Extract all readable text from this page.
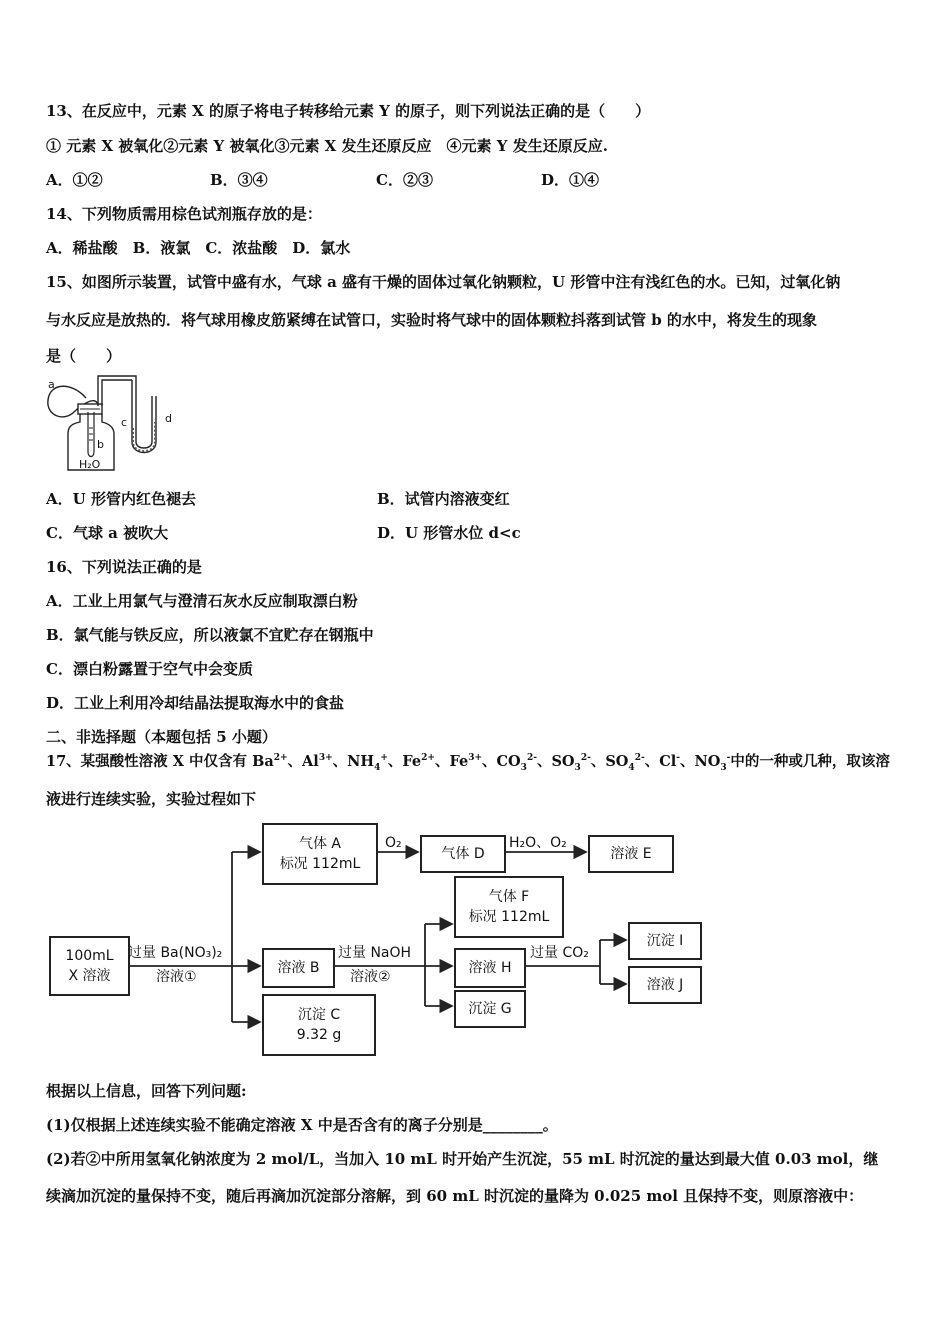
13、在反应中，元素 X 的原子将电子转移给元素 Y 的原子，则下列说法正确的是（　　）
① 元素 X 被氧化②元素 Y 被氧化③元素 X 发生还原反应　④元素 Y 发生还原反应.
A．①②	B．③④	C．②③	D．①④
14、下列物质需用棕色试剂瓶存放的是：
A．稀盐酸　B．液氯　C．浓盐酸　D．氯水
15、如图所示装置，试管中盛有水，气球 a 盛有干燥的固体过氧化钠颗粒，U 形管中注有浅红色的水。已知，过氧化钠
与水反应是放热的．将气球用橡皮筋紧缚在试管口，实验时将气球中的固体颗粒抖落到试管 b 的水中，将发生的现象
是（　　）
a
b
c	d
H₂O
A．U 形管内红色褪去	B．试管内溶液变红
C．气球 a 被吹大	D．U 形管水位 d<c
16、下列说法正确的是
A．工业上用氯气与澄清石灰水反应制取漂白粉
B．氯气能与铁反应，所以液氯不宜贮存在钢瓶中
C．漂白粉露置于空气中会变质
D．工业上利用冷却结晶法提取海水中的食盐
二、非选择题（本题包括 5 小题）
17、某强酸性溶液 X 中仅含有 $Ba^{2+}$、$Al^{3+}$、$NH_4^+$、$Fe^{2+}$、$Fe^{3+}$、$CO_3^{2-}$、$SO_3^{2-}$、$SO_4^{2-}$、Cl-、$NO_3^-$中的一种或几种，取该溶
液进行连续实验，实验过程如下
100mL
X 溶液
过量 Ba(NO₃)₂
溶液①
气体 A
标况 112mL
O₂
气体 D
H₂O、O₂
溶液 E
溶液 B
过量 NaOH
溶液②
气体 F
标况 112mL
溶液 H
过量 CO₂
沉淀 G
沉淀 I
溶液 J
沉淀 C
9.32 g
根据以上信息，回答下列问题:
(1)仅根据上述连续实验不能确定溶液 X 中是否含有的离子分别是________。
(2)若②中所用氢氧化钠浓度为 2 mol/L，当加入 10 mL 时开始产生沉淀，55 mL 时沉淀的量达到最大值 0.03 mol，继
续滴加沉淀的量保持不变，随后再滴加沉淀部分溶解，到 60 mL 时沉淀的量降为 0.025 mol 且保持不变，则原溶液中：
